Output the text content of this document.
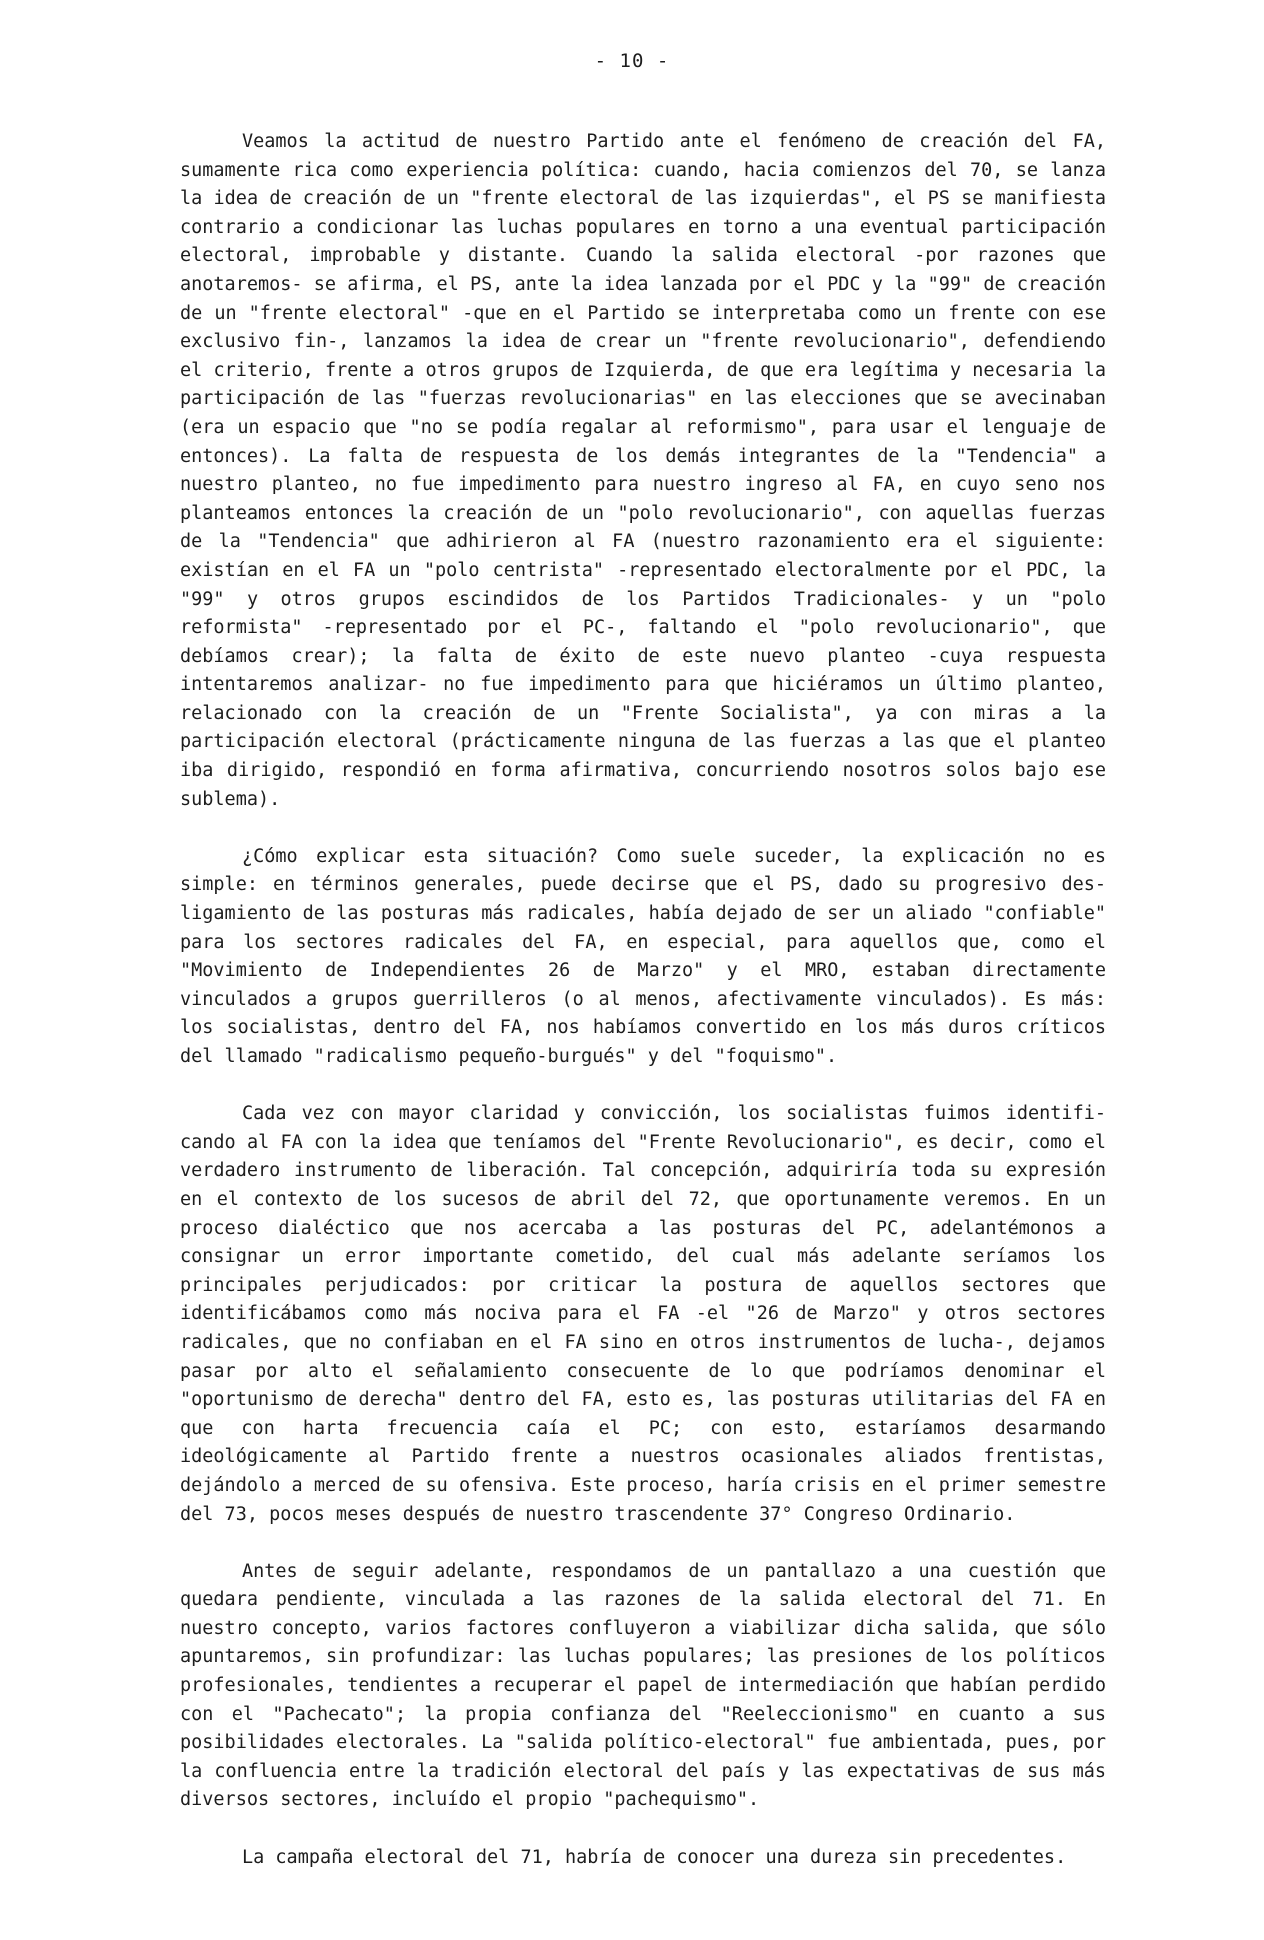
- 10 -

Veamos la actitud de nuestro Partido ante el fenómeno de creación del FA, sumamente rica como experiencia política: cuando, hacia comienzos del 70, se lanza la idea de creación de un "frente electoral de las izquierdas", el PS se manifiesta contrario a condicionar las luchas populares en torno a una eventual participación electoral, improbable y distante. Cuando la salida electoral -por razones que anotaremos- se afirma, el PS, ante la idea lanzada por el PDC y la "99" de creación de un "frente electoral" -que en el Partido se interpretaba como un frente con ese exclusivo fin-, lanzamos la idea de crear un "frente revolucionario", defendiendo el criterio, frente a otros grupos de Izquierda, de que era legítima y necesaria la participación de las "fuerzas revolucionarias" en las elecciones que se avecinaban (era un espacio que "no se podía regalar al reformismo", para usar el lenguaje de entonces). La falta de respuesta de los demás integrantes de la "Tendencia" a nuestro planteo, no fue impedimento para nuestro ingreso al FA, en cuyo seno nos planteamos entonces la creación de un "polo revolucionario", con aquellas fuerzas de la "Tendencia" que adhirieron al FA (nuestro razonamiento era el siguiente: existían en el FA un "polo centrista" -representado electoralmente por el PDC, la "99" y otros grupos escindidos de los Partidos Tradicionales- y un "polo reformista" -representado por el PC-, faltando el "polo revolucionario", que debíamos crear); la falta de éxito de este nuevo planteo -cuya respuesta intentaremos analizar- no fue impedimento para que hiciéramos un último planteo, relacionado con la creación de un "Frente Socialista", ya con miras a la participación electoral (prácticamente ninguna de las fuerzas a las que el planteo iba dirigido, respondió en forma afirmativa, concurriendo nosotros solos bajo ese sublema).

¿Cómo explicar esta situación? Como suele suceder, la explicación no es simple: en términos generales, puede decirse que el PS, dado su progresivo desligamiento de las posturas más radicales, había dejado de ser un aliado "confiable" para los sectores radicales del FA, en especial, para aquellos que, como el "Movimiento de Independientes 26 de Marzo" y el MRO, estaban directamente vinculados a grupos guerrilleros (o al menos, afectivamente vinculados). Es más: los socialistas, dentro del FA, nos habíamos convertido en los más duros críticos del llamado "radicalismo pequeño-burgués" y del "foquismo".

Cada vez con mayor claridad y convicción, los socialistas fuimos identificando al FA con la idea que teníamos del "Frente Revolucionario", es decir, como el verdadero instrumento de liberación. Tal concepción, adquiriría toda su expresión en el contexto de los sucesos de abril del 72, que oportunamente veremos. En un proceso dialéctico que nos acercaba a las posturas del PC, adelantémonos a consignar un error importante cometido, del cual más adelante seríamos los principales perjudicados: por criticar la postura de aquellos sectores que identificábamos como más nociva para el FA -el "26 de Marzo" y otros sectores radicales, que no confiaban en el FA sino en otros instrumentos de lucha-, dejamos pasar por alto el señalamiento consecuente de lo que podríamos denominar el "oportunismo de derecha" dentro del FA, esto es, las posturas utilitarias del FA en que con harta frecuencia caía el PC; con esto, estaríamos desarmando ideológicamente al Partido frente a nuestros ocasionales aliados frentistas, dejándolo a merced de su ofensiva. Este proceso, haría crisis en el primer semestre del 73, pocos meses después de nuestro trascendente 37° Congreso Ordinario.

Antes de seguir adelante, respondamos de un pantallazo a una cuestión que quedara pendiente, vinculada a las razones de la salida electoral del 71. En nuestro concepto, varios factores confluyeron a viabilizar dicha salida, que sólo apuntaremos, sin profundizar: las luchas populares; las presiones de los políticos profesionales, tendientes a recuperar el papel de intermediación que habían perdido con el "Pachecato"; la propia confianza del "Reeleccionismo" en cuanto a sus posibilidades electorales. La "salida político-electoral" fue ambientada, pues, por la confluencia entre la tradición electoral del país y las expectativas de sus más diversos sectores, incluído el propio "pachequismo".

La campaña electoral del 71, habría de conocer una dureza sin precedentes.
